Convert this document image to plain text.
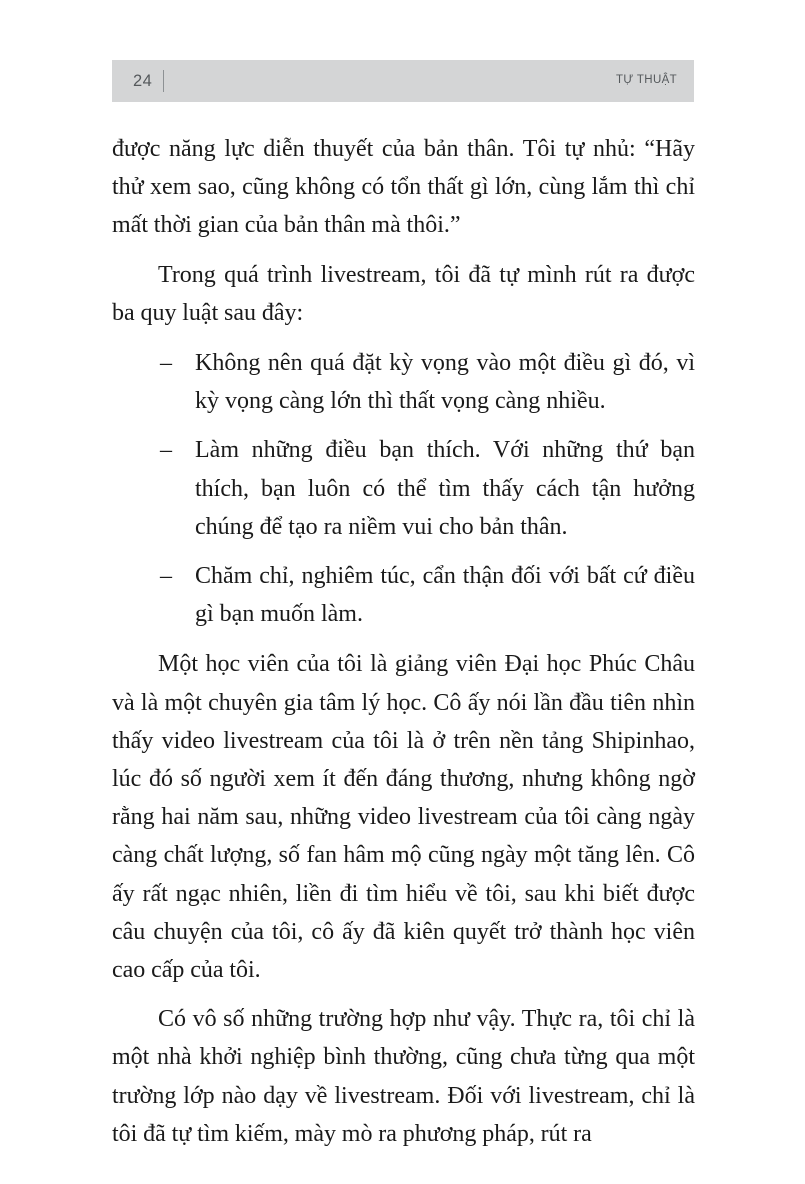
24	TỰ THUẬT

được năng lực diễn thuyết của bản thân. Tôi tự nhủ: “Hãy thử xem sao, cũng không có tổn thất gì lớn, cùng lắm thì chỉ mất thời gian của bản thân mà thôi.”

Trong quá trình livestream, tôi đã tự mình rút ra được ba quy luật sau đây:

– Không nên quá đặt kỳ vọng vào một điều gì đó, vì kỳ vọng càng lớn thì thất vọng càng nhiều.
– Làm những điều bạn thích. Với những thứ bạn thích, bạn luôn có thể tìm thấy cách tận hưởng chúng để tạo ra niềm vui cho bản thân.
– Chăm chỉ, nghiêm túc, cẩn thận đối với bất cứ điều gì bạn muốn làm.

Một học viên của tôi là giảng viên Đại học Phúc Châu và là một chuyên gia tâm lý học. Cô ấy nói lần đầu tiên nhìn thấy video livestream của tôi là ở trên nền tảng Shipinhao, lúc đó số người xem ít đến đáng thương, nhưng không ngờ rằng hai năm sau, những video livestream của tôi càng ngày càng chất lượng, số fan hâm mộ cũng ngày một tăng lên. Cô ấy rất ngạc nhiên, liền đi tìm hiểu về tôi, sau khi biết được câu chuyện của tôi, cô ấy đã kiên quyết trở thành học viên cao cấp của tôi.

Có vô số những trường hợp như vậy. Thực ra, tôi chỉ là một nhà khởi nghiệp bình thường, cũng chưa từng qua một trường lớp nào dạy về livestream. Đối với livestream, chỉ là tôi đã tự tìm kiếm, mày mò ra phương pháp, rút ra
